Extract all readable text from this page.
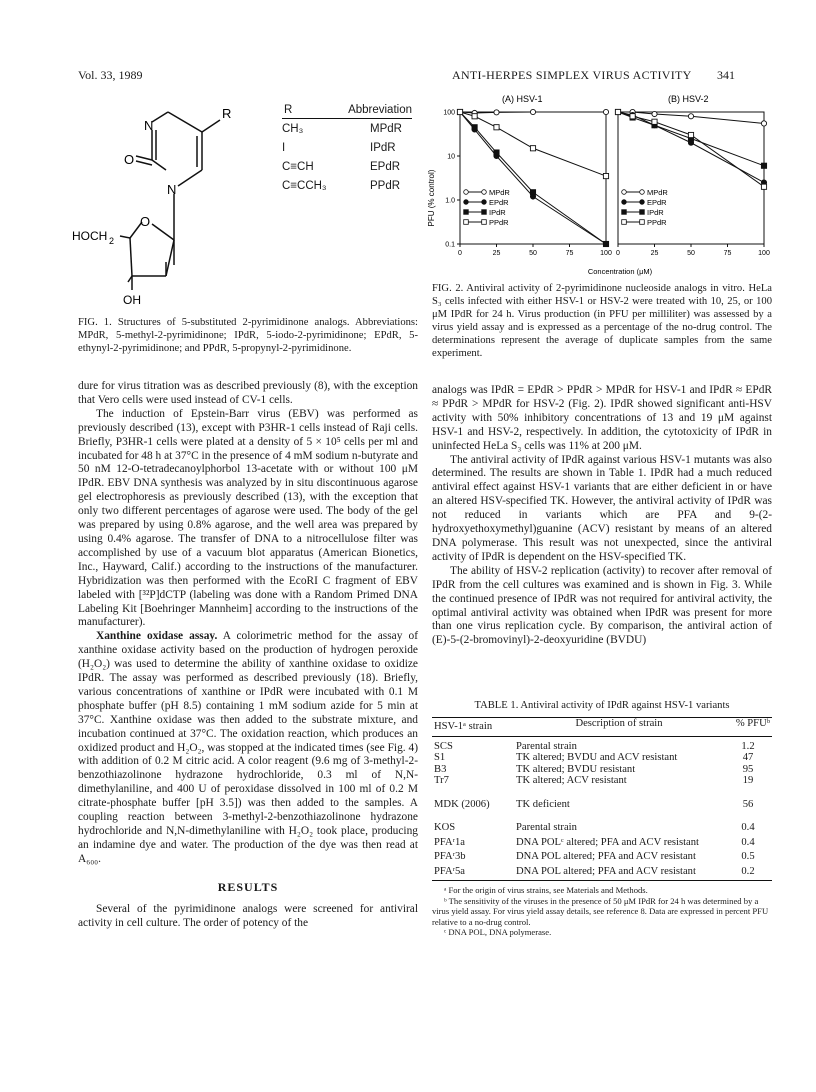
Vol. 33, 1989	ANTI-HERPES SIMPLEX VIRUS ACTIVITY 341
R
N
N
O
O
HOCH 2
OH
R	Abbreviation
CH₃	MPdR
I	IPdR
C≡CH	EPdR
C≡CCH₃	PPdR
FIG. 1. Structures of 5-substituted 2-pyrimidinone analogs. Abbreviations: MPdR, 5-methyl-2-pyrimidinone; IPdR, 5-iodo-2-pyrimidinone; EPdR, 5-ethynyl-2-pyrimidinone; and PPdR, 5-propynyl-2-pyrimidinone.

dure for virus titration was as described previously (8), with the exception that Vero cells were used instead of CV-1 cells.

The induction of Epstein-Barr virus (EBV) was performed as previously described (13), except with P3HR-1 cells instead of Raji cells. Briefly, P3HR-1 cells were plated at a density of 5 × 10⁵ cells per ml and incubated for 48 h at 37°C in the presence of 4 mM sodium n-butyrate and 50 nM 12-O-tetradecanoylphorbol 13-acetate with or without 100 μM IPdR. EBV DNA synthesis was analyzed by in situ discontinuous agarose gel electrophoresis as previously described (13), with the exception that only two different percentages of agarose were used. The body of the gel was prepared by using 0.8% agarose, and the well area was prepared by using 0.4% agarose. The transfer of DNA to a nitrocellulose filter was accomplished by use of a vacuum blot apparatus (American Bionetics, Inc., Hayward, Calif.) according to the instructions of the manufacturer. Hybridization was then performed with the EcoRI C fragment of EBV labeled with [³²P]dCTP (labeling was done with a Random Primed DNA Labeling Kit [Boehringer Mannheim] according to the instructions of the manufacturer).

Xanthine oxidase assay. A colorimetric method for the assay of xanthine oxidase activity based on the production of hydrogen peroxide (H₂O₂) was used to determine the ability of xanthine oxidase to oxidize IPdR. The assay was performed as described previously (18). Briefly, various concentrations of xanthine or IPdR were incubated with 0.1 M phosphate buffer (pH 8.5) containing 1 mM sodium azide for 5 min at 37°C. Xanthine oxidase was then added to the substrate mixture, and incubation continued at 37°C. The oxidation reaction, which produces an oxidized product and H₂O₂, was stopped at the indicated times (see Fig. 4) with addition of 0.2 M citric acid. A color reagent (9.6 mg of 3-methyl-2-benzothiazolinone hydrazone hydrochloride, 0.3 ml of N,N-dimethylaniline, and 400 U of peroxidase dissolved in 100 ml of 0.2 M citrate-phosphate buffer [pH 3.5]) was then added to the samples. A coupling reaction between 3-methyl-2-benzothiazolinone hydrazone hydrochloride and N,N-dimethylaniline with H₂O₂ took place, producing an indamine dye and water. The production of the dye was then read at A₆₀₀.

RESULTS

Several of the pyrimidinone analogs were screened for antiviral activity in cell culture. The order of potency of the

(A) HSV-1	(B) HSV-2
PFU (% control)
Concentration (μM)
0	25	50	75	100
100
10
1.0
0.1
MPdR
EPdR
IPdR
PPdR
0	25	50	75	100
MPdR
EPdR
IPdR
PPdR
FIG. 2. Antiviral activity of 2-pyrimidinone nucleoside analogs in vitro. HeLa S₃ cells infected with either HSV-1 or HSV-2 were treated with 10, 25, or 100 μM IPdR for 24 h. Virus production (in PFU per milliliter) was assessed by a virus yield assay and is expressed as a percentage of the no-drug control. The determinations represent the average of duplicate samples from the same experiment.

analogs was IPdR = EPdR > PPdR > MPdR for HSV-1 and IPdR ≈ EPdR ≈ PPdR > MPdR for HSV-2 (Fig. 2). IPdR showed significant anti-HSV activity with 50% inhibitory concentrations of 13 and 19 μM against HSV-1 and HSV-2, respectively. In addition, the cytotoxicity of IPdR in uninfected HeLa S₃ cells was 11% at 200 μM.

The antiviral activity of IPdR against various HSV-1 mutants was also determined. The results are shown in Table 1. IPdR had a much reduced antiviral effect against HSV-1 variants that are either deficient in or have an altered HSV-specified TK. However, the antiviral activity of IPdR was not reduced in variants which are PFA and 9-(2-hydroxyethoxymethyl)guanine (ACV) resistant by means of an altered DNA polymerase. This result was not unexpected, since the antiviral activity of IPdR is dependent on the HSV-specified TK.

The ability of HSV-2 replication (activity) to recover after removal of IPdR from the cell cultures was examined and is shown in Fig. 3. While the continued presence of IPdR was not required for antiviral activity, the optimal antiviral activity was obtained when IPdR was present for more than one virus replication cycle. By comparison, the antiviral action of (E)-5-(2-bromovinyl)-2-deoxyuridine (BVDU)

TABLE 1. Antiviral activity of IPdR against HSV-1 variants
HSV-1ᵃ strain	Description of strain	% PFUᵇ
SCS	Parental strain	1.2
S1	TK altered; BVDU and ACV resistant	47
B3	TK altered; BVDU resistant	95
Tr7	TK altered; ACV resistant	19
MDK (2006)	TK deficient	56
KOS	Parental strain	0.4
PFAʳ1a	DNA POLᶜ altered; PFA and ACV resistant	0.4
PFAʳ3b	DNA POL altered; PFA and ACV resistant	0.5
PFAʳ5a	DNA POL altered; PFA and ACV resistant	0.2
ᵃ For the origin of virus strains, see Materials and Methods.
ᵇ The sensitivity of the viruses in the presence of 50 μM IPdR for 24 h was determined by a virus yield assay. For virus yield assay details, see reference 8. Data are expressed in percent PFU relative to a no-drug control.
ᶜ DNA POL, DNA polymerase.
